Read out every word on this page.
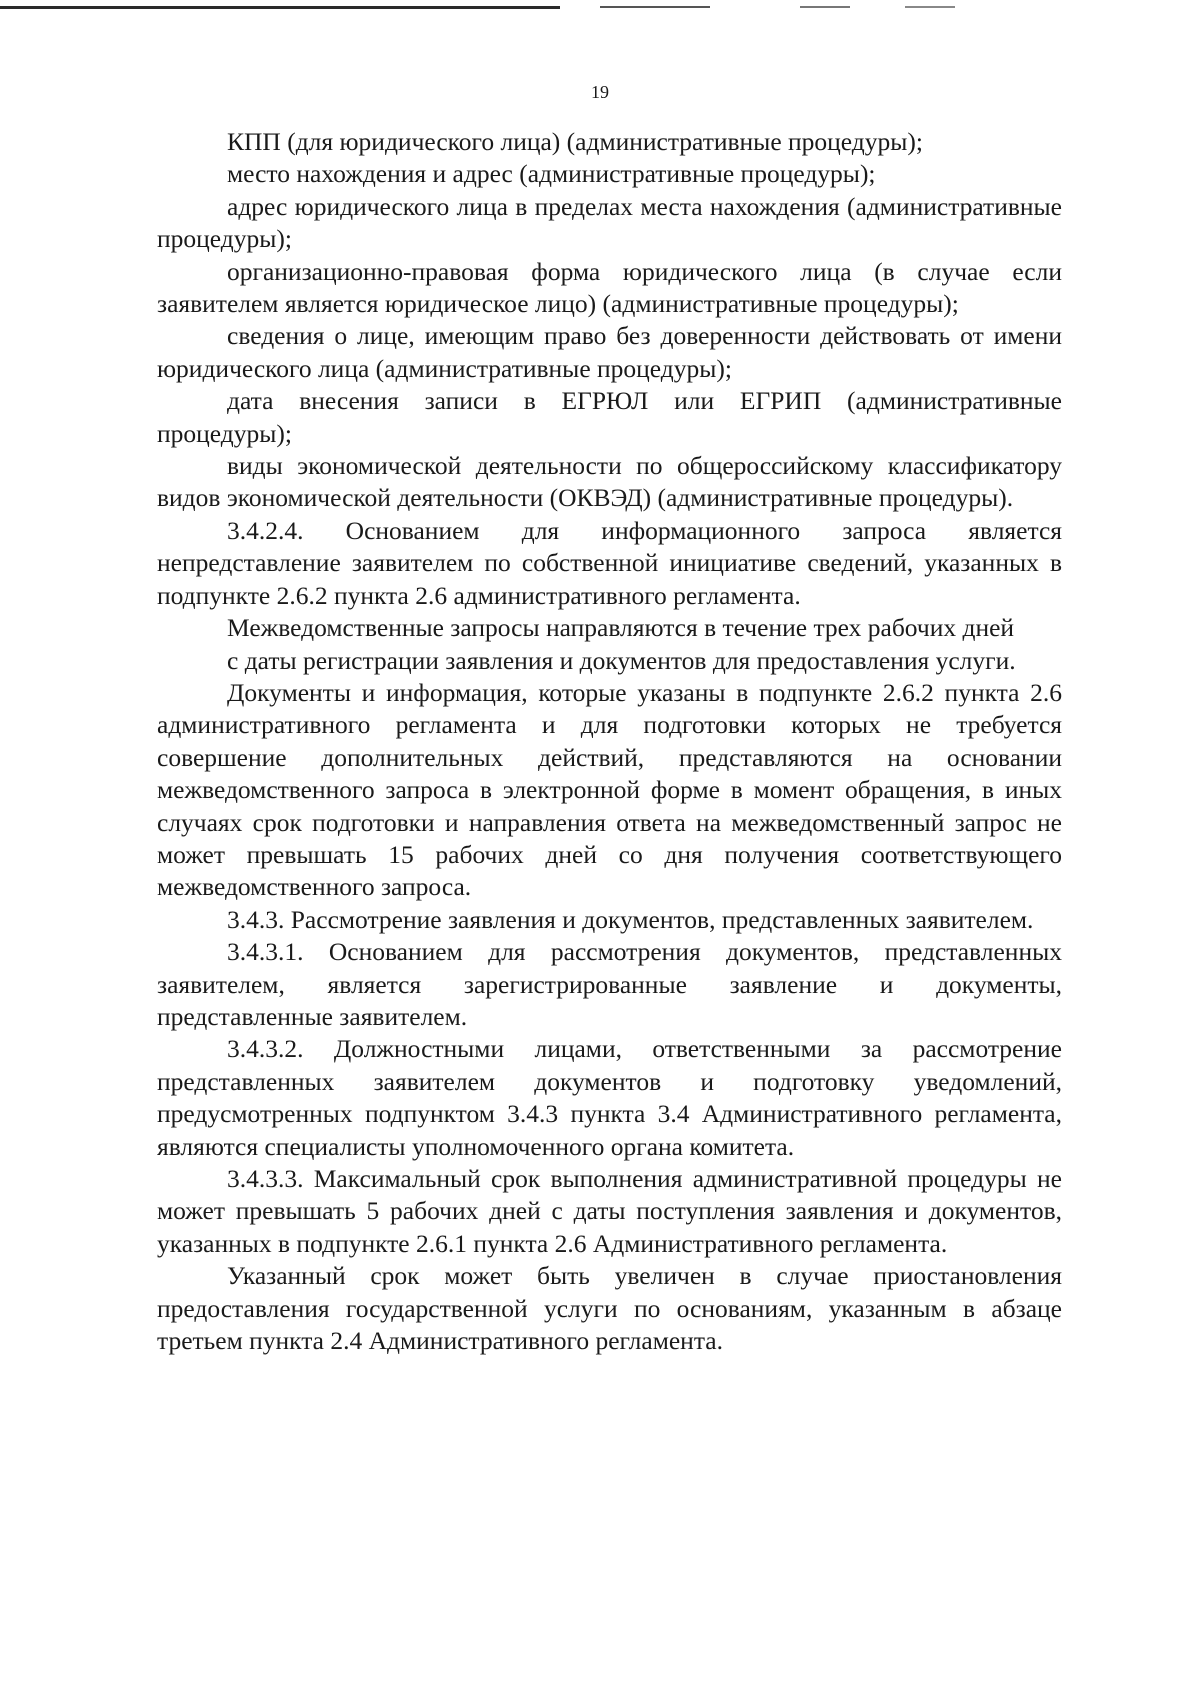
19

КПП (для юридического лица) (административные процедуры);

место нахождения и адрес (административные процедуры);

адрес юридического лица в пределах места нахождения (административные процедуры);

организационно-правовая форма юридического лица (в случае если заявителем является юридическое лицо) (административные процедуры);

сведения о лице, имеющим право без доверенности действовать от имени юридического лица (административные процедуры);

дата внесения записи в ЕГРЮЛ или ЕГРИП (административные процедуры);

виды экономической деятельности по общероссийскому классификатору видов экономической деятельности (ОКВЭД) (административные процедуры).

3.4.2.4. Основанием для информационного запроса является непредставление заявителем по собственной инициативе сведений, указанных в подпункте 2.6.2 пункта 2.6 административного регламента.

Межведомственные запросы направляются в течение трех рабочих дней

с даты регистрации заявления и документов для предоставления услуги.

Документы и информация, которые указаны в подпункте 2.6.2 пункта 2.6 административного регламента и для подготовки которых не требуется совершение дополнительных действий, представляются на основании межведомственного запроса в электронной форме в момент обращения, в иных случаях срок подготовки и направления ответа на межведомственный запрос не может превышать 15 рабочих дней со дня получения соответствующего межведомственного запроса.

3.4.3. Рассмотрение заявления и документов, представленных заявителем.

3.4.3.1. Основанием для рассмотрения документов, представленных заявителем, является зарегистрированные заявление и документы, представленные заявителем.

3.4.3.2. Должностными лицами, ответственными за рассмотрение представленных заявителем документов и подготовку уведомлений, предусмотренных подпунктом 3.4.3 пункта 3.4 Административного регламента, являются специалисты уполномоченного органа комитета.

3.4.3.3. Максимальный срок выполнения административной процедуры не может превышать 5 рабочих дней с даты поступления заявления и документов, указанных в подпункте 2.6.1 пункта 2.6 Административного регламента.

Указанный срок может быть увеличен в случае приостановления предоставления государственной услуги по основаниям, указанным в абзаце третьем пункта 2.4 Административного регламента.
